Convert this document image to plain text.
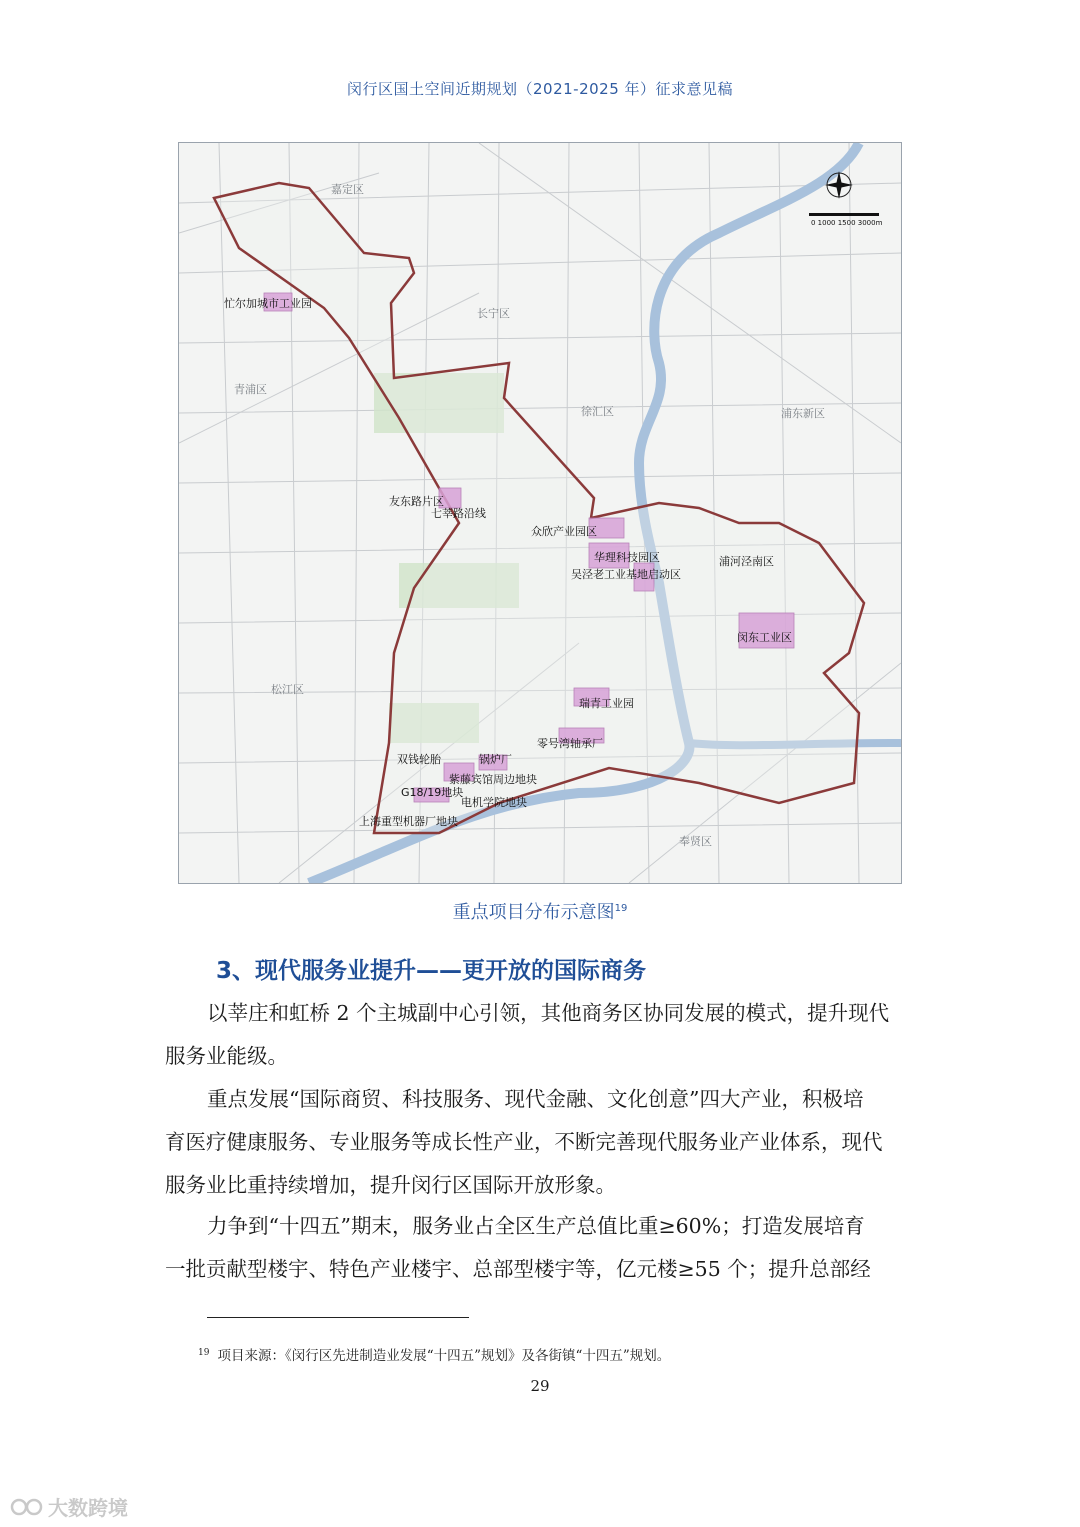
闵行区国土空间近期规划（2021-2025 年）征求意见稿
0 1000 1500 3000m
嘉定区
长宁区
青浦区
徐汇区	浦东新区
松江区
奉贤区
忙尔加城市工业园
友东路片区
七莘路沿线
众欣产业园区
华理科技园区
吴泾老工业基地启动区
浦河泾南区
闵东工业区
瑞青工业园
零号湾轴承厂
双钱轮胎	锅炉厂
紫藤宾馆周边地块
G18/19地块
电机学院地块
上海重型机器厂地块
重点项目分布示意图$^{19}$
3、现代服务业提升——更开放的国际商务
以莘庄和虹桥 2 个主城副中心引领，其他商务区协同发展的模式，提升现代
服务业能级。
重点发展“国际商贸、科技服务、现代金融、文化创意”四大产业，积极培
育医疗健康服务、专业服务等成长性产业，不断完善现代服务业产业体系，现代
服务业比重持续增加，提升闵行区国际开放形象。
力争到“十四五”期末，服务业占全区生产总值比重≥60%；打造发展培育
一批贡献型楼宇、特色产业楼宇、总部型楼宇等，亿元楼≥55 个；提升总部经
$^{19}$ 项目来源：《闵行区先进制造业发展“十四五”规划》及各街镇“十四五”规划。
29
大数跨境
